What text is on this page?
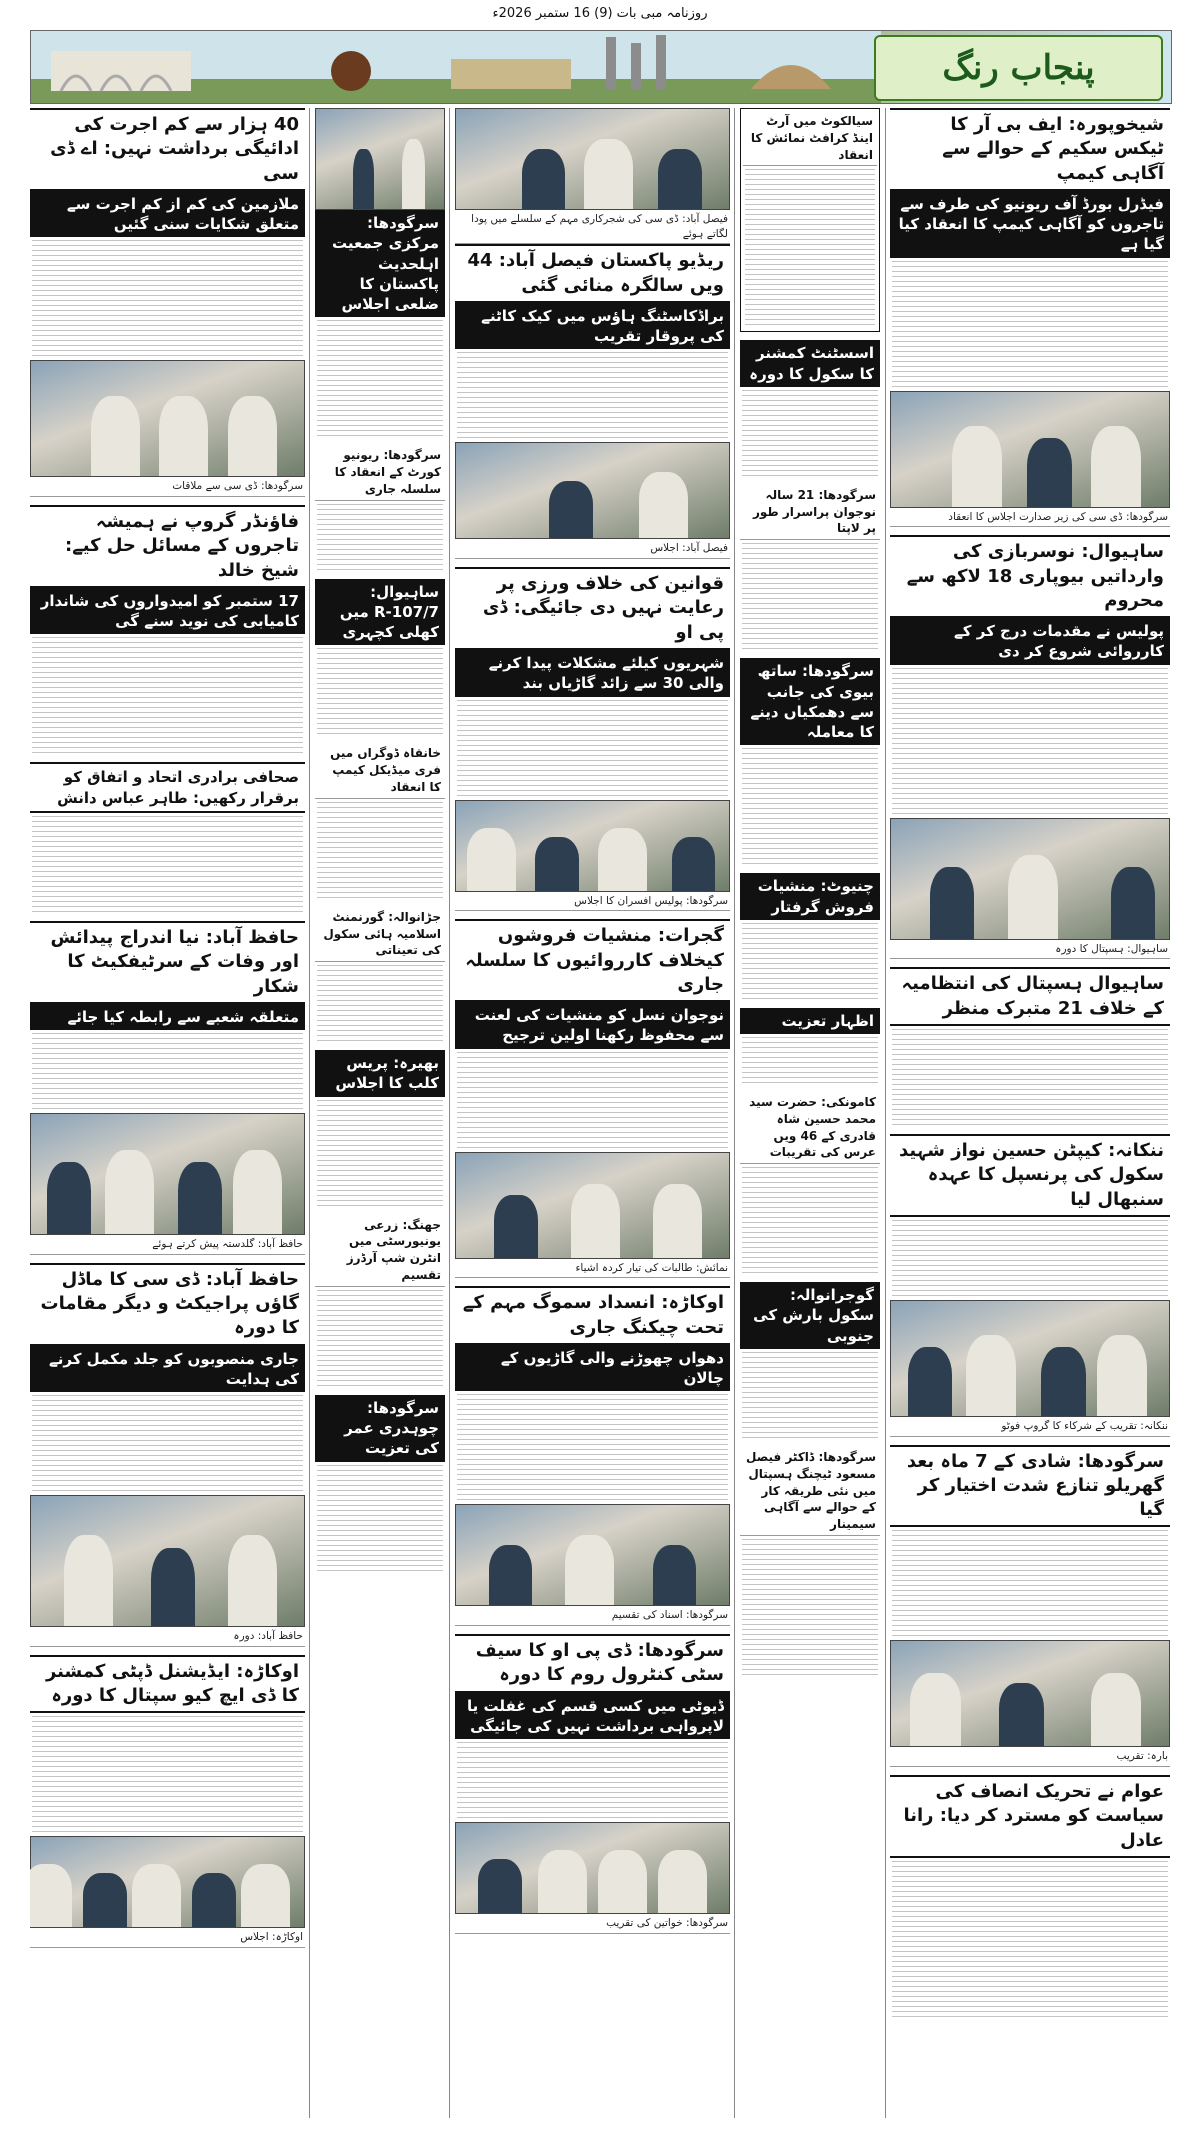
روزنامہ مبی بات (9) 16 ستمبر 2026ء
پنجاب رنگ
شیخوپورہ: ایف بی آر کا ٹیکس سکیم کے حوالے سے آگاہی کیمپ
فیڈرل بورڈ آف ریونیو کی طرف سے تاجروں کو آگاہی کیمپ کا انعقاد کیا گیا ہے
سرگودھا: ڈی سی کی زیر صدارت اجلاس کا انعقاد
ساہیوال: نوسربازی کی وارداتیں بیوپاری 18 لاکھ سے محروم
پولیس نے مقدمات درج کر کے کارروائی شروع کر دی
ساہیوال: ہسپتال کا دورہ
ساہیوال ہسپتال کی انتظامیہ کے خلاف 21 متبرک منظر
ننکانہ: کیپٹن حسین نواز شہید سکول کی پرنسپل کا عہدہ سنبھال لیا
ننکانہ: تقریب کے شرکاء کا گروپ فوٹو
سرگودھا: شادی کے 7 ماہ بعد گھریلو تنازع شدت اختیار کر گیا
بارہ: تقریب
عوام نے تحریک انصاف کی سیاست کو مسترد کر دیا: رانا عادل
سیالکوٹ میں آرٹ اینڈ کرافٹ نمائش کا انعقاد
اسسٹنٹ کمشنر کا سکول کا دورہ
سرگودھا: 21 سالہ نوجوان پراسرار طور پر لاپتا
سرگودھا: ساتھ بیوی کی جانب سے دھمکیاں دینے کا معاملہ
چنیوٹ: منشیات فروش گرفتار
اظہار تعزیت
کامونکی: حضرت سید محمد حسین شاہ قادری کے 46 ویں عرس کی تقریبات
گوجرانوالہ: سکول بارش کی جنوبی
سرگودھا: ڈاکٹر فیصل مسعود ٹیچنگ ہسپتال میں نئی طریقہ کار کے حوالے سے آگاہی سیمینار
فیصل آباد: ڈی سی کی شجرکاری مہم کے سلسلے میں پودا لگاتے ہوئے
ریڈیو پاکستان فیصل آباد: 44 ویں سالگرہ منائی گئی
براڈکاسٹنگ ہاؤس میں کیک کاٹنے کی پروقار تقریب
فیصل آباد: اجلاس
قوانین کی خلاف ورزی پر رعایت نہیں دی جائیگی: ڈی پی او
شہریوں کیلئے مشکلات پیدا کرنے والی 30 سے زائد گاڑیاں بند
سرگودھا: پولیس افسران کا اجلاس
گجرات: منشیات فروشوں کیخلاف کارروائیوں کا سلسلہ جاری
نوجوان نسل کو منشیات کی لعنت سے محفوظ رکھنا اولین ترجیح
نمائش: طالبات کی تیار کردہ اشیاء
اوکاڑہ: انسداد سموگ مہم کے تحت چیکنگ جاری
دھواں چھوڑنے والی گاڑیوں کے چالان
سرگودھا: اسناد کی تقسیم
سرگودھا: ڈی پی او کا سیف سٹی کنٹرول روم کا دورہ
ڈیوٹی میں کسی قسم کی غفلت یا لاپرواہی برداشت نہیں کی جائیگی
سرگودھا: خواتین کی تقریب
سرگودھا: مرکزی جمعیت اہلحدیث پاکستان کا ضلعی اجلاس
سرگودھا: ریونیو کورٹ کے انعقاد کا سلسلہ جاری
ساہیوال: 107/7-R میں کھلی کچہری
خانقاہ ڈوگراں میں فری میڈیکل کیمپ کا انعقاد
جڑانوالہ: گورنمنٹ اسلامیہ ہائی سکول کی تعیناتی
بھیرہ: پریس کلب کا اجلاس
جھنگ: زرعی یونیورسٹی میں انٹرن شپ آرڈرز تقسیم
سرگودھا: چوہدری عمر کی تعزیت
40 ہزار سے کم اجرت کی ادائیگی برداشت نہیں: اے ڈی سی
ملازمین کی کم از کم اجرت سے متعلق شکایات سنی گئیں
سرگودھا: ڈی سی سے ملاقات
فاؤنڈر گروپ نے ہمیشہ تاجروں کے مسائل حل کیے: شیخ خالد
17 ستمبر کو امیدواروں کی شاندار کامیابی کی نوید سنے گی
صحافی برادری اتحاد و اتفاق کو برقرار رکھیں: طاہر عباس دانش
حافظ آباد: نیا اندراج پیدائش اور وفات کے سرٹیفکیٹ کا شکار
متعلقہ شعبے سے رابطہ کیا جائے
حافظ آباد: گلدستہ پیش کرتے ہوئے
حافظ آباد: ڈی سی کا ماڈل گاؤں پراجیکٹ و دیگر مقامات کا دورہ
جاری منصوبوں کو جلد مکمل کرنے کی ہدایت
حافظ آباد: دورہ
اوکاڑہ: ایڈیشنل ڈپٹی کمشنر کا ڈی ایچ کیو سپتال کا دورہ
اوکاڑہ: اجلاس
